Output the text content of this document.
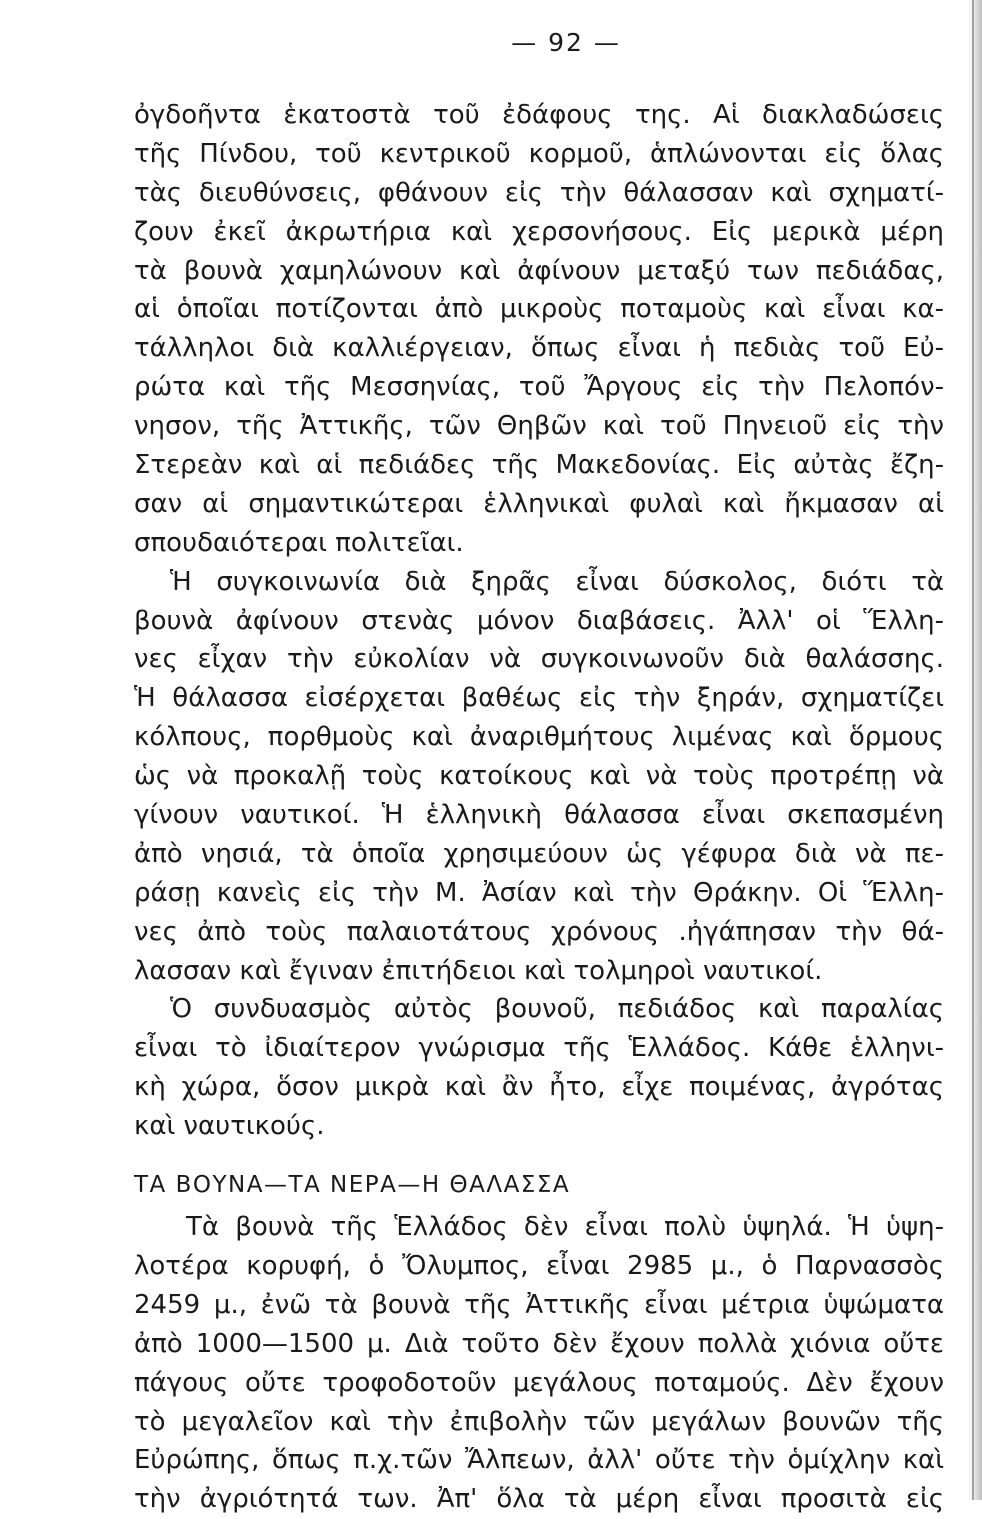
— 92 —
ὀγδοῆντα ἑκατοστὰ τοῦ ἐδάφους της. Αἱ διακλαδώσεις
τῆς Πίνδου, τοῦ κεντρικοῦ κορμοῦ, ἁπλώνονται εἰς ὅλας
τὰς διευθύνσεις, φθάνουν εἰς τὴν θάλασσαν καὶ σχηματί-
ζουν ἐκεῖ ἀκρωτήρια καὶ χερσονήσους. Εἰς μερικὰ μέρη
τὰ βουνὰ χαμηλώνουν καὶ ἀφίνουν μεταξύ των πεδιάδας,
αἱ ὁποῖαι ποτίζονται ἀπὸ μικροὺς ποταμοὺς καὶ εἶναι κα-
τάλληλοι διὰ καλλιέργειαν, ὅπως εἶναι ἡ πεδιὰς τοῦ Εὐ-
ρώτα καὶ τῆς Μεσσηνίας, τοῦ Ἄργους εἰς τὴν Πελοπόν-
νησον, τῆς Ἀττικῆς, τῶν Θηβῶν καὶ τοῦ Πηνειοῦ εἰς τὴν
Στερεὰν καὶ αἱ πεδιάδες τῆς Μακεδονίας. Εἰς αὐτὰς ἔζη-
σαν αἱ σημαντικώτεραι ἑλληνικαὶ φυλαὶ καὶ ἤκμασαν αἱ
σπουδαιότεραι πολιτεῖαι.
Ἡ συγκοινωνία διὰ ξηρᾶς εἶναι δύσκολος, διότι τὰ
βουνὰ ἀφίνουν στενὰς μόνον διαβάσεις. Ἀλλ' οἱ Ἕλλη-
νες εἶχαν τὴν εὐκολίαν νὰ συγκοινωνοῦν διὰ θαλάσσης.
Ἡ θάλασσα εἰσέρχεται βαθέως εἰς τὴν ξηράν, σχηματίζει
κόλπους, πορθμοὺς καὶ ἀναριθμήτους λιμένας καὶ ὅρμους
ὡς νὰ προκαλῇ τοὺς κατοίκους καὶ νὰ τοὺς προτρέπῃ νὰ
γίνουν ναυτικοί. Ἡ ἑλληνικὴ θάλασσα εἶναι σκεπασμένη
ἀπὸ νησιά, τὰ ὁποῖα χρησιμεύουν ὡς γέφυρα διὰ νὰ πε-
ράσῃ κανεὶς εἰς τὴν Μ. Ἀσίαν καὶ τὴν Θράκην. Οἱ Ἕλλη-
νες ἀπὸ τοὺς παλαιοτάτους χρόνους .ἠγάπησαν τὴν θά-
λασσαν καὶ ἔγιναν ἐπιτήδειοι καὶ τολμηροὶ ναυτικοί.
Ὁ συνδυασμὸς αὐτὸς βουνοῦ, πεδιάδος καὶ παραλίας
εἶναι τὸ ἰδιαίτερον γνώρισμα τῆς Ἑλλάδος. Κάθε ἑλληνι-
κὴ χώρα, ὅσον μικρὰ καὶ ἂν ἦτο, εἶχε ποιμένας, ἀγρότας
καὶ ναυτικούς.
ΤΑ ΒΟΥΝΑ—ΤΑ ΝΕΡΑ—Η ΘΑΛΑΣΣΑ
Τὰ βουνὰ τῆς Ἑλλάδος δὲν εἶναι πολὺ ὑψηλά. Ἡ ὑψη-
λοτέρα κορυφή, ὁ Ὄλυμπος, εἶναι 2985 μ., ὁ Παρνασσὸς
2459 μ., ἐνῶ τὰ βουνὰ τῆς Ἀττικῆς εἶναι μέτρια ὑψώματα
ἀπὸ 1000—1500 μ. Διὰ τοῦτο δὲν ἔχουν πολλὰ χιόνια οὔτε
πάγους οὔτε τροφοδοτοῦν μεγάλους ποταμούς. Δὲν ἔχουν
τὸ μεγαλεῖον καὶ τὴν ἐπιβολὴν τῶν μεγάλων βουνῶν τῆς
Εὐρώπης, ὅπως π.χ.τῶν Ἄλπεων, ἀλλ' οὔτε τὴν ὁμίχλην καὶ
τὴν ἀγριότητά των. Ἀπ' ὅλα τὰ μέρη εἶναι προσιτὰ εἰς
